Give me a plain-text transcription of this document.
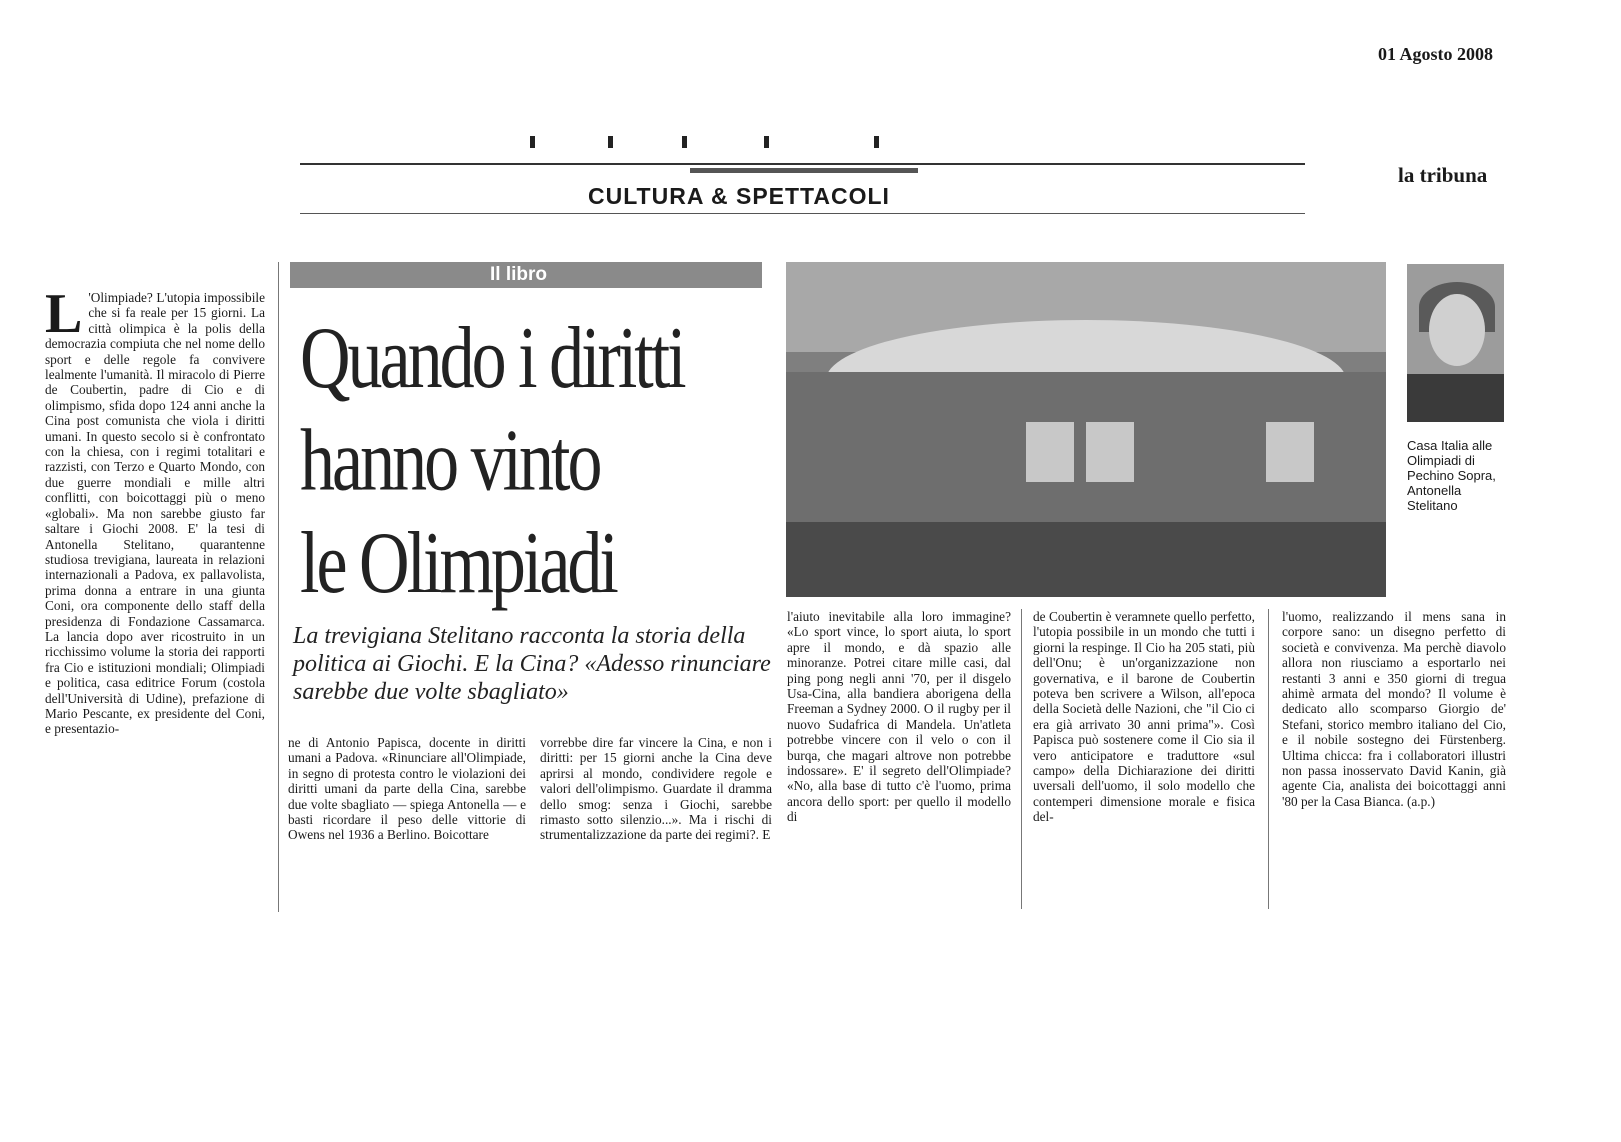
01 Agosto 2008
CULTURA & SPETTACOLI
la tribuna
L 'Olimpiade? L'utopia impossibile che si fa reale per 15 giorni. La città olimpica è la polis della democrazia compiuta che nel nome dello sport e delle regole fa convivere lealmente l'umanità. Il miracolo di Pierre de Coubertin, padre di Cio e di olimpismo, sfida dopo 124 anni anche la Cina post comunista che viola i diritti umani. In questo secolo si è confrontato con la chiesa, con i regimi totalitari e razzisti, con Terzo e Quarto Mondo, con due guerre mondiali e mille altri conflitti, con boicottaggi più o meno «globali». Ma non sarebbe giusto far saltare i Giochi 2008. E' la tesi di Antonella Stelitano, quarantenne studiosa trevigiana, laureata in relazioni internazionali a Padova, ex pallavolista, prima donna a entrare in una giunta Coni, ora componente dello staff della presidenza di Fondazione Cassamarca. La lancia dopo aver ricostruito in un ricchissimo volume la storia dei rapporti fra Cio e istituzioni mondiali; Olimpiadi e politica, casa editrice Forum (costola dell'Università di Udine), prefazione di Mario Pescante, ex presidente del Coni, e presentazio-

Il libro
Quando i diritti
hanno vinto
le Olimpiadi
La trevigiana Stelitano racconta la storia della politica ai Giochi. E la Cina? «Adesso rinunciare sarebbe due volte sbagliato»
Casa Italia alle Olimpiadi di Pechino Sopra, Antonella Stelitano

ne di Antonio Papisca, docente in diritti umani a Padova. «Rinunciare all'Olimpiade, in segno di protesta contro le violazioni dei diritti umani da parte della Cina, sarebbe due volte sbagliato — spiega Antonella — e basti ricordare il peso delle vittorie di Owens nel 1936 a Berlino. Boicottare

vorrebbe dire far vincere la Cina, e non i diritti: per 15 giorni anche la Cina deve aprirsi al mondo, condividere regole e valori dell'olimpismo. Guardate il dramma dello smog: senza i Giochi, sarebbe rimasto sotto silenzio...». Ma i rischi di strumentalizzazione da parte dei regimi?. E

l'aiuto inevitabile alla loro immagine? «Lo sport vince, lo sport aiuta, lo sport apre il mondo, e dà spazio alle minoranze. Potrei citare mille casi, dal ping pong negli anni '70, per il disgelo Usa-Cina, alla bandiera aborigena della Freeman a Sydney 2000. O il rugby per il nuovo Sudafrica di Mandela. Un'atleta potrebbe vincere con il velo o con il burqa, che magari altrove non potrebbe indossare». E' il segreto dell'Olimpiade? «No, alla base di tutto c'è l'uomo, prima ancora dello sport: per quello il modello di

de Coubertin è veramnete quello perfetto, l'utopia possibile in un mondo che tutti i giorni la respinge. Il Cio ha 205 stati, più dell'Onu; è un'organizzazione non governativa, e il barone de Coubertin poteva ben scrivere a Wilson, all'epoca della Società delle Nazioni, che "il Cio ci era già arrivato 30 anni prima"». Così Papisca può sostenere come il Cio sia il vero anticipatore e traduttore «sul campo» della Dichiarazione dei diritti uversali dell'uomo, il solo modello che contemperi dimensione morale e fisica del-

l'uomo, realizzando il mens sana in corpore sano: un disegno perfetto di società e convivenza. Ma perchè diavolo allora non riusciamo a esportarlo nei restanti 3 anni e 350 giorni di tregua ahimè armata del mondo? Il volume è dedicato allo scomparso Giorgio de' Stefani, storico membro italiano del Cio, e il nobile sostegno dei Fürstenberg. Ultima chicca: fra i collaboratori illustri non passa inosservato David Kanin, già agente Cia, analista dei boicottaggi anni '80 per la Casa Bianca. (a.p.)
